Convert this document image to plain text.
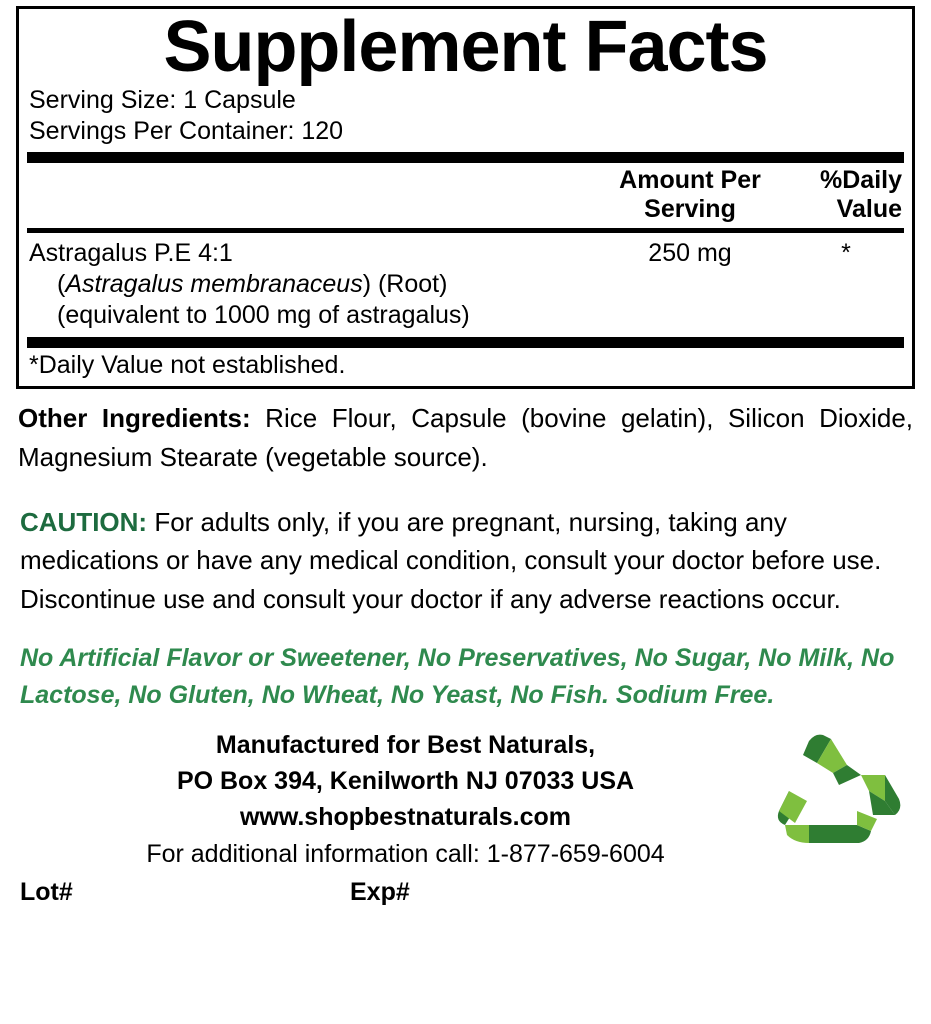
Supplement Facts
Serving Size: 1 Capsule
Servings Per Container: 120
Amount Per
Serving
%Daily
Value
Astragalus P.E 4:1
(Astragalus membranaceus) (Root)
(equivalent to 1000 mg of astragalus)
250 mg	*
*Daily Value not established.
Other Ingredients: Rice Flour, Capsule (bovine gelatin), Silicon Dioxide, Magnesium Stearate (vegetable source).
CAUTION: For adults only, if you are pregnant, nursing, taking any medications or have any medical condition, consult your doctor before use. Discontinue use and consult your doctor if any adverse reactions occur.
No Artificial Flavor or Sweetener, No Preservatives, No Sugar, No Milk, No Lactose, No Gluten, No Wheat, No Yeast, No Fish. Sodium Free.
Manufactured for Best Naturals,
PO Box 394, Kenilworth NJ 07033 USA
www.shopbestnaturals.com
For additional information call: 1-877-659-6004
Lot#	Exp#
